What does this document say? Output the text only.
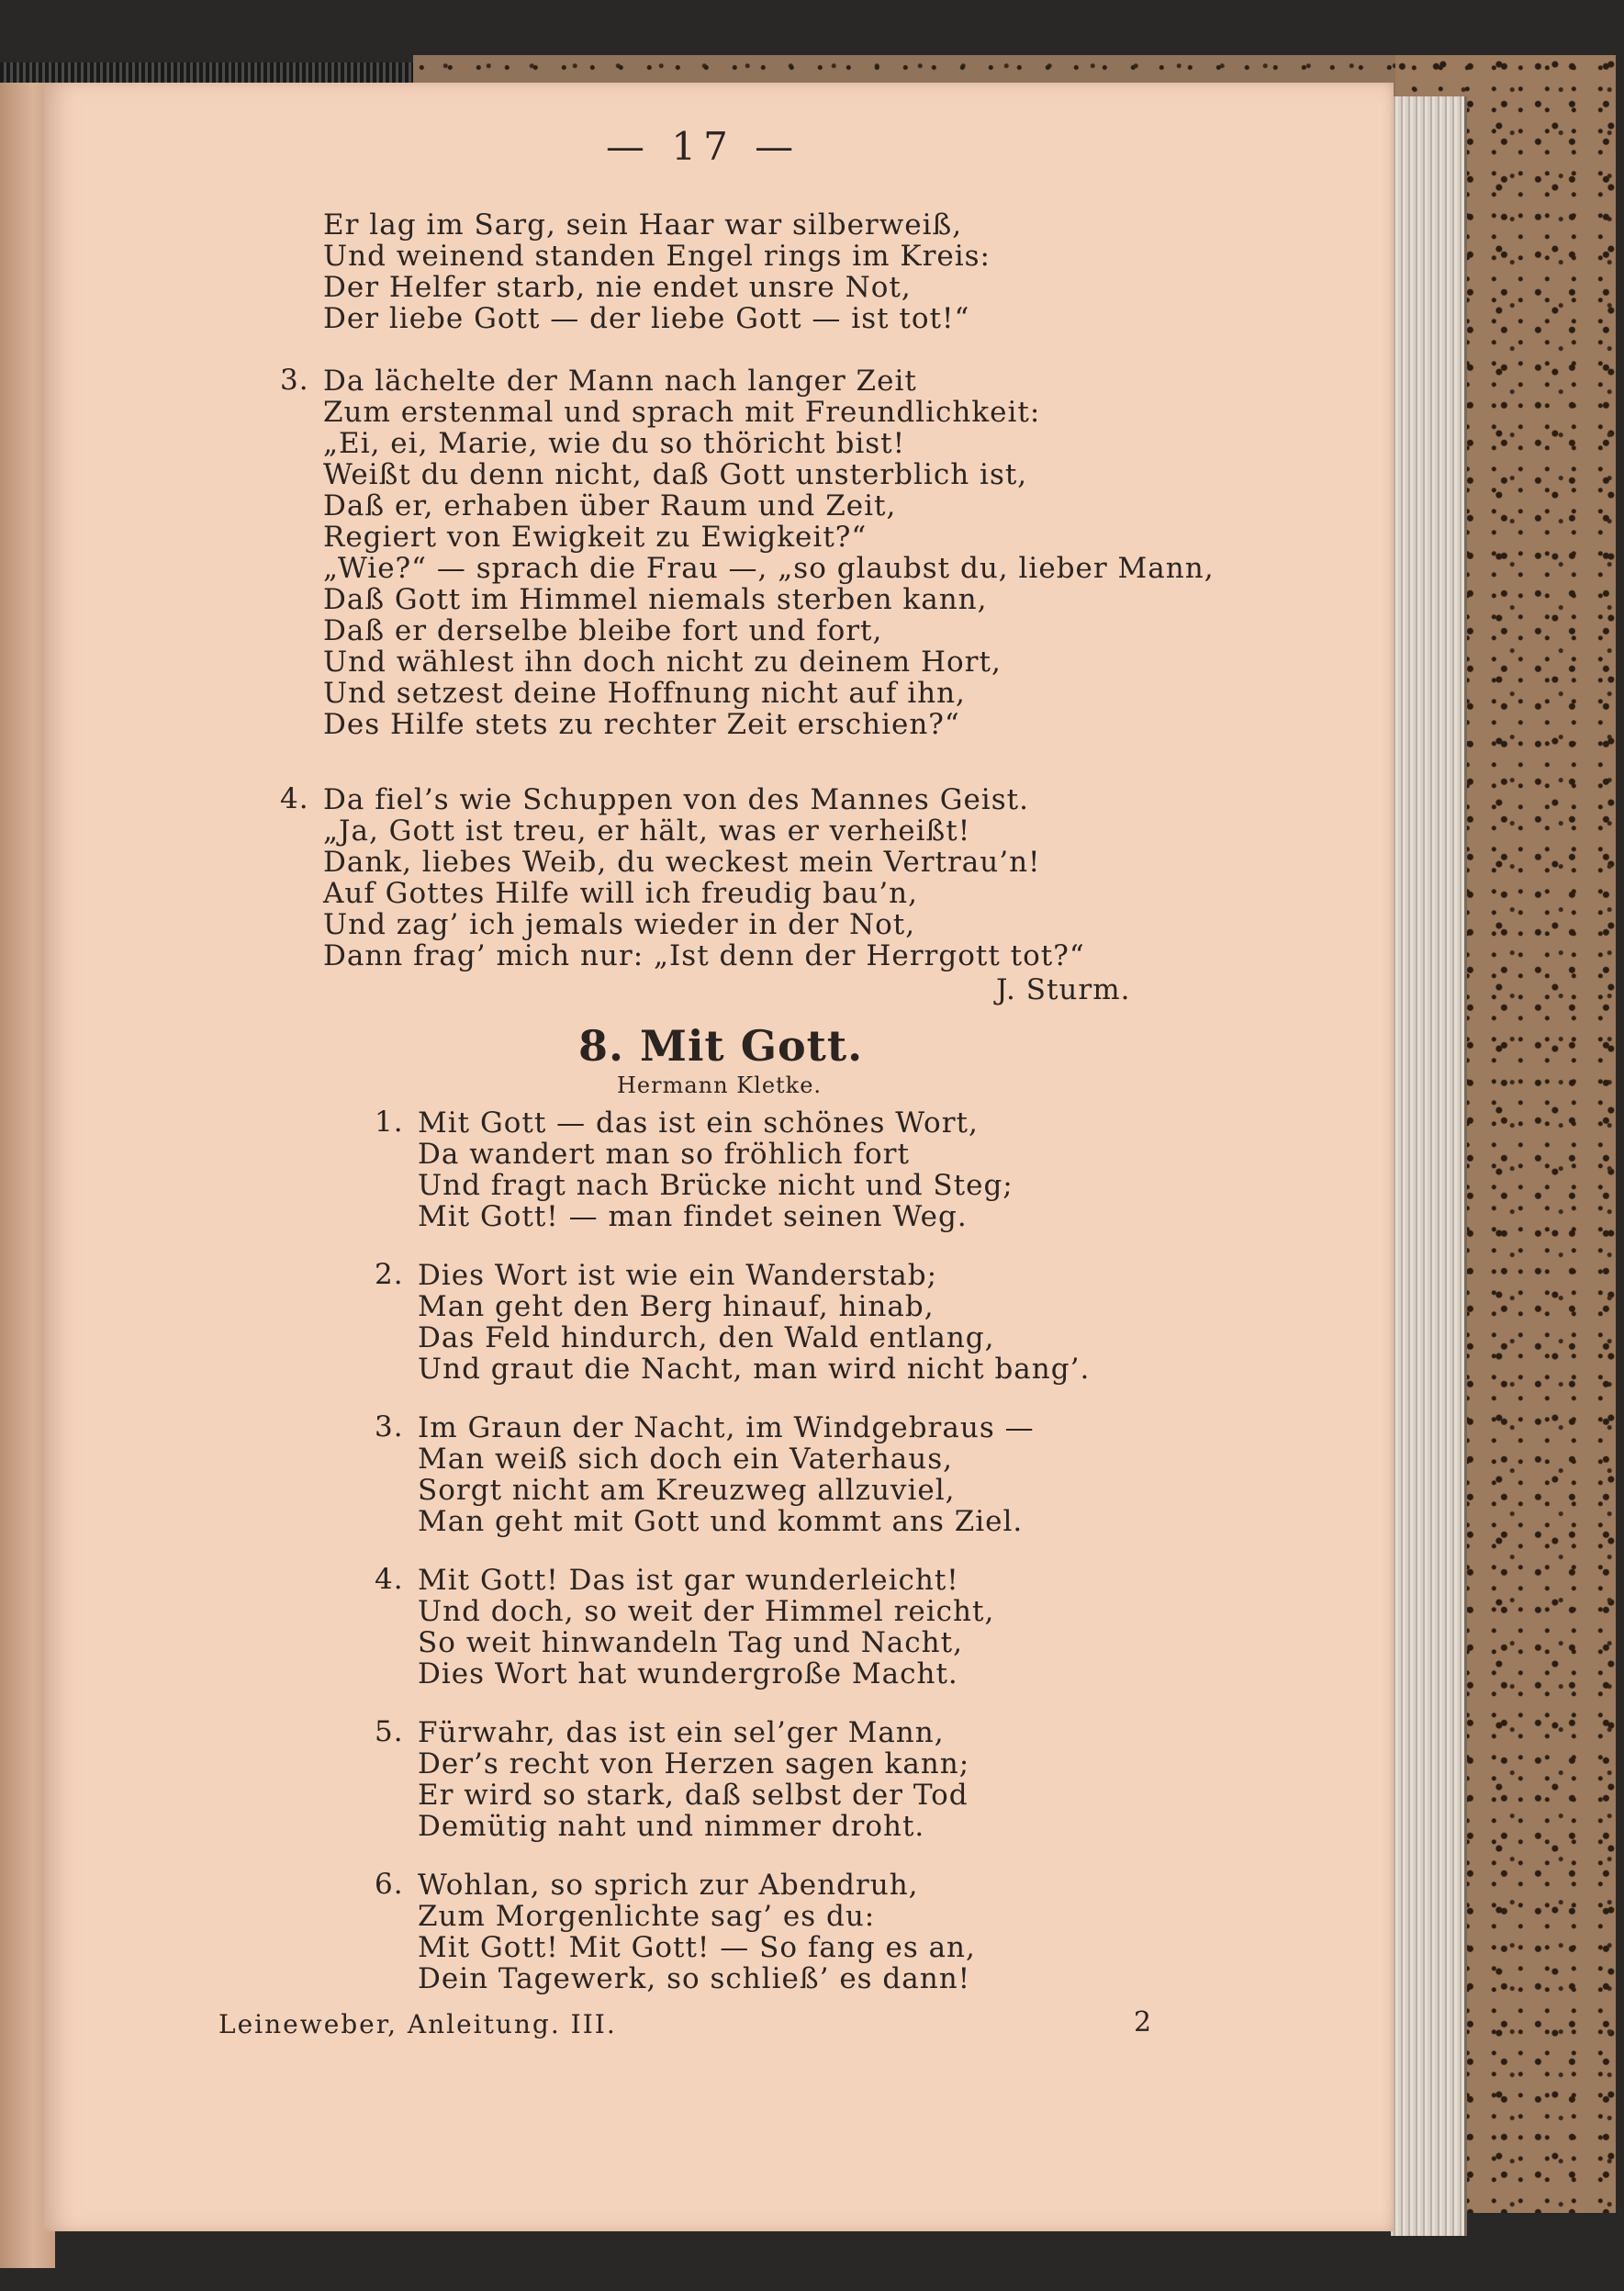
— 17 —
Er lag im Sarg, sein Haar war silberweiß,
Und weinend standen Engel rings im Kreis:
Der Helfer starb, nie endet unsre Not,
Der liebe Gott — der liebe Gott — ist tot!“
3. Da lächelte der Mann nach langer Zeit
Zum erstenmal und sprach mit Freundlichkeit:
„Ei, ei, Marie, wie du so thöricht bist!
Weißt du denn nicht, daß Gott unsterblich ist,
Daß er, erhaben über Raum und Zeit,
Regiert von Ewigkeit zu Ewigkeit?“
„Wie?“ — sprach die Frau —, „so glaubst du, lieber Mann,
Daß Gott im Himmel niemals sterben kann,
Daß er derselbe bleibe fort und fort,
Und wählest ihn doch nicht zu deinem Hort,
Und setzest deine Hoffnung nicht auf ihn,
Des Hilfe stets zu rechter Zeit erschien?“
4. Da fiel’s wie Schuppen von des Mannes Geist.
„Ja, Gott ist treu, er hält, was er verheißt!
Dank, liebes Weib, du weckest mein Vertrau’n!
Auf Gottes Hilfe will ich freudig bau’n,
Und zag’ ich jemals wieder in der Not,
Dann frag’ mich nur: „Ist denn der Herrgott tot?“
J. Sturm.
8. Mit Gott.
Hermann Kletke.
1. Mit Gott — das ist ein schönes Wort,
Da wandert man so fröhlich fort
Und fragt nach Brücke nicht und Steg;
Mit Gott! — man findet seinen Weg.
2. Dies Wort ist wie ein Wanderstab;
Man geht den Berg hinauf, hinab,
Das Feld hindurch, den Wald entlang,
Und graut die Nacht, man wird nicht bang’.
3. Im Graun der Nacht, im Windgebraus —
Man weiß sich doch ein Vaterhaus,
Sorgt nicht am Kreuzweg allzuviel,
Man geht mit Gott und kommt ans Ziel.
4. Mit Gott! Das ist gar wunderleicht!
Und doch, so weit der Himmel reicht,
So weit hinwandeln Tag und Nacht,
Dies Wort hat wundergroße Macht.
5. Fürwahr, das ist ein sel’ger Mann,
Der’s recht von Herzen sagen kann;
Er wird so stark, daß selbst der Tod
Demütig naht und nimmer droht.
6. Wohlan, so sprich zur Abendruh,
Zum Morgenlichte sag’ es du:
Mit Gott! Mit Gott! — So fang es an,
Dein Tagewerk, so schließ’ es dann!
Leineweber, Anleitung. III.	2
